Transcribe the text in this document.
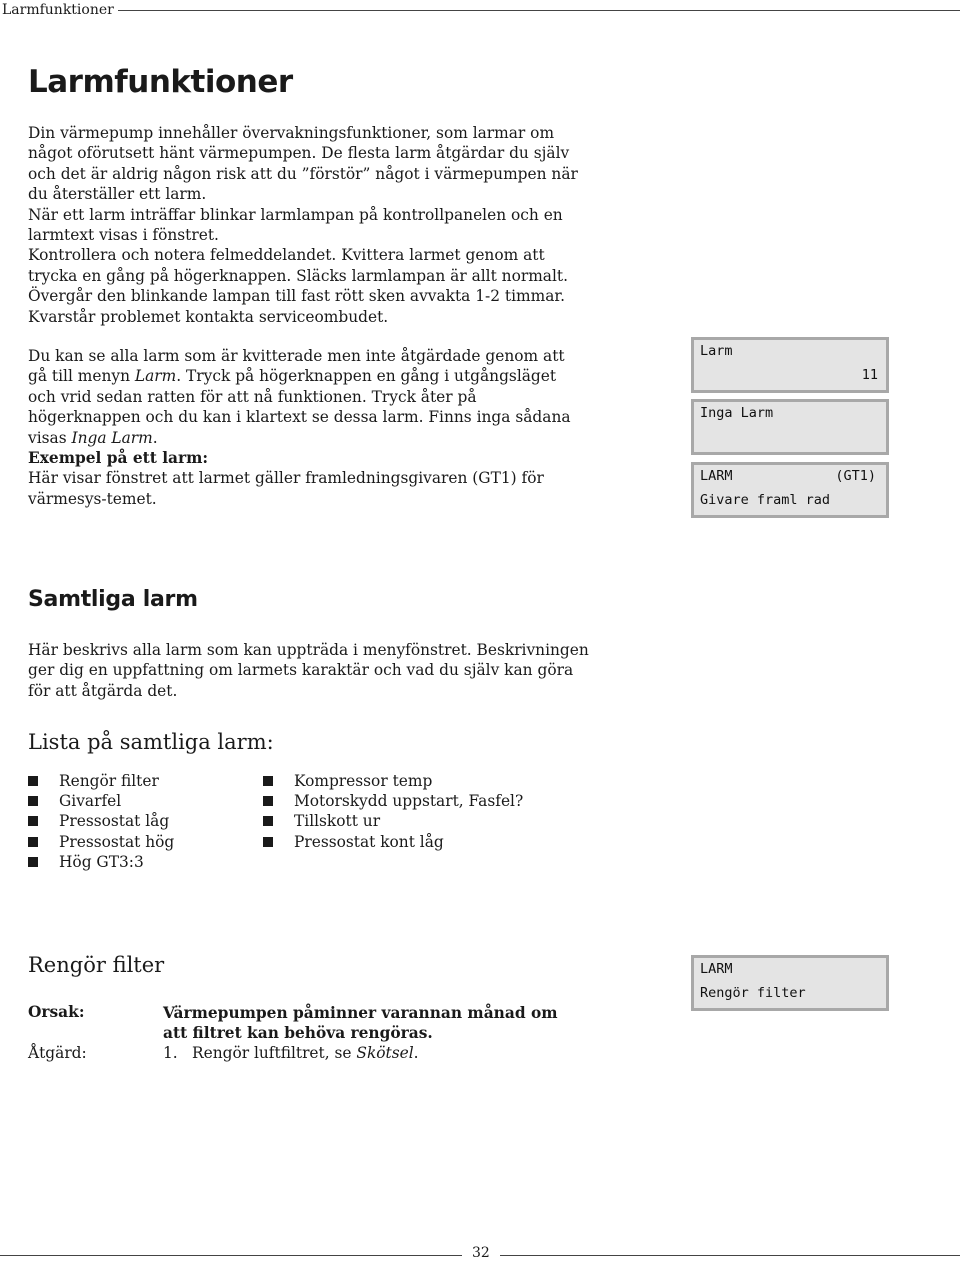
Larmfunktioner
Larmfunktioner

Din värmepump innehåller övervakningsfunktioner, som larmar om något oförutsett hänt värmepumpen. De flesta larm åtgärdar du själv och det är aldrig någon risk att du ”förstör” något i värmepumpen när du återställer ett larm.

När ett larm inträffar blinkar larmlampan på kontrollpanelen och en larmtext visas i fönstret.

Kontrollera och notera felmeddelandet. Kvittera larmet genom att trycka en gång på högerknappen. Släcks larmlampan är allt normalt. Övergår den blinkande lampan till fast rött sken avvakta 1-2 timmar. Kvarstår problemet kontakta serviceombudet.

Du kan se alla larm som är kvitterade men inte åtgärdade genom att gå till menyn Larm. Tryck på högerknappen en gång i utgångsläget och vrid sedan ratten för att nå funktionen. Tryck åter på högerknappen och du kan i klartext se dessa larm. Finns inga sådana visas Inga Larm.

Exempel på ett larm:

Här visar fönstret att larmet gäller framledningsgivaren (GT1) för värmesys-temet.

Larm
11
Inga Larm
LARM	(GT1)
Givare framl rad
Samtliga larm
Här beskrivs alla larm som kan uppträda i menyfönstret. Beskrivningen ger dig en uppfattning om larmets karaktär och vad du själv kan göra för att åtgärda det.
Lista på samtliga larm:
Rengör filter
Givarfel
Pressostat låg
Pressostat hög
Hög GT3:3
Kompressor temp
Motorskydd uppstart, Fasfel?
Tillskott ur
Pressostat kont låg
Rengör filter
Orsak:	Värmepumpen påminner varannan månad om att filtret kan behöva rengöras.
Åtgärd:	1. Rengör luftfiltret, se Skötsel.
LARM
Rengör filter
32
